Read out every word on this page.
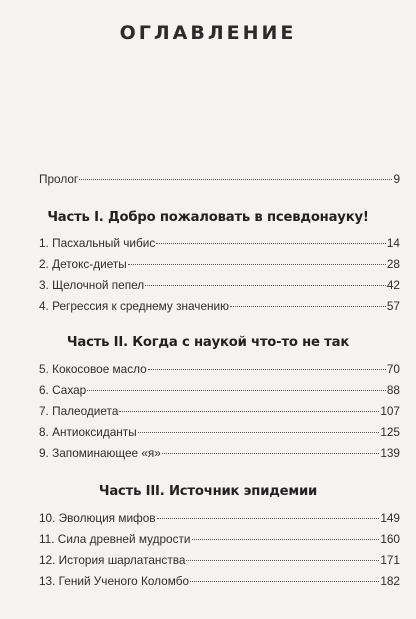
ОГЛАВЛЕНИЕ
Пролог	9
Часть I. Добро пожаловать в псевдонауку!
1. Пасхальный чибис	14
2. Детокс-диеты	28
3. Щелочной пепел	42
4. Регрессия к среднему значению	57
Часть II. Когда с наукой что-то не так
5. Кокосовое масло	70
6. Сахар	88
7. Палеодиета	107
8. Антиоксиданты	125
9. Запоминающее «я»	139
Часть III. Источник эпидемии
10. Эволюция мифов	149
11. Сила древней мудрости	160
12. История шарлатанства	171
13. Гений Ученого Коломбо	182
